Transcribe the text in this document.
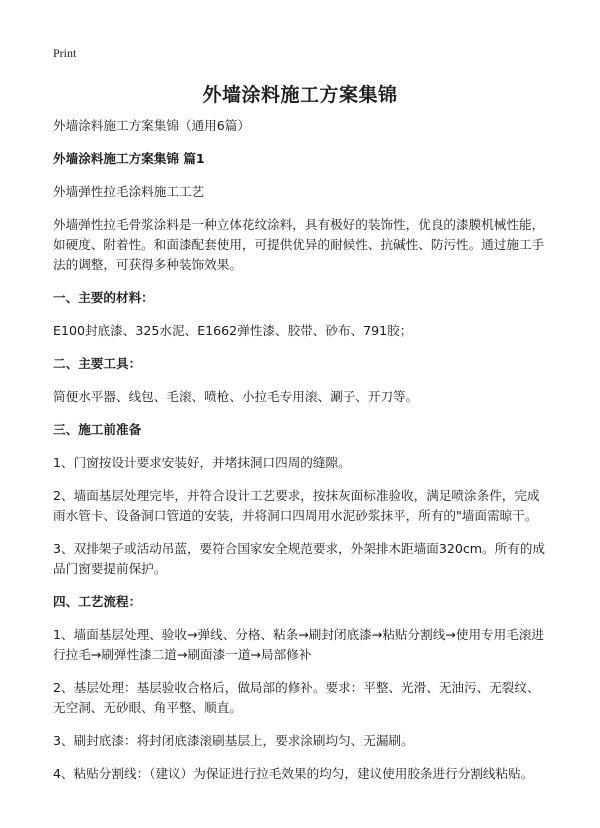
Print
外墙涂料施工方案集锦

外墙涂料施工方案集锦（通用6篇）

外墙涂料施工方案集锦 篇1

外墙弹性拉毛涂料施工工艺

外墙弹性拉毛骨浆涂料是一种立体花纹涂料，具有极好的装饰性，优良的漆膜机械性能，如硬度、附着性。和面漆配套使用，可提供优异的耐候性、抗碱性、防污性。通过施工手法的调整，可获得多种装饰效果。

一、主要的材料：

E100封底漆、325水泥、E1662弹性漆、胶带、砂布、791胶；

二、主要工具：

简便水平器、线包、毛滚、喷枪、小拉毛专用滚、涮子、开刀等。

三、施工前准备

1、门窗按设计要求安装好，并堵抹洞口四周的缝隙。

2、墙面基层处理完毕，并符合设计工艺要求，按抹灰面标准验收，满足喷涂条件，完成雨水管卡、设备洞口管道的安装，并将洞口四周用水泥砂浆抹平，所有的"墙面需晾干。

3、双排架子或活动吊蓝，要符合国家安全规范要求，外架排木距墙面320cm。所有的成品门窗要提前保护。

四、工艺流程：

1、墙面基层处理、验收→弹线、分格、粘条→刷封闭底漆→粘贴分割线→使用专用毛滚进行拉毛→刷弹性漆二道→刷面漆一道→局部修补

2、基层处理：基层验收合格后，做局部的修补。要求：平整、光滑、无油污、无裂纹、无空洞、无砂眼、角平整、顺直。

3、刷封底漆：将封闭底漆滚刷基层上，要求涂刷均匀、无漏刷。

4、粘贴分割线：（建议）为保证进行拉毛效果的均匀，建议使用胶条进行分割线粘贴。
